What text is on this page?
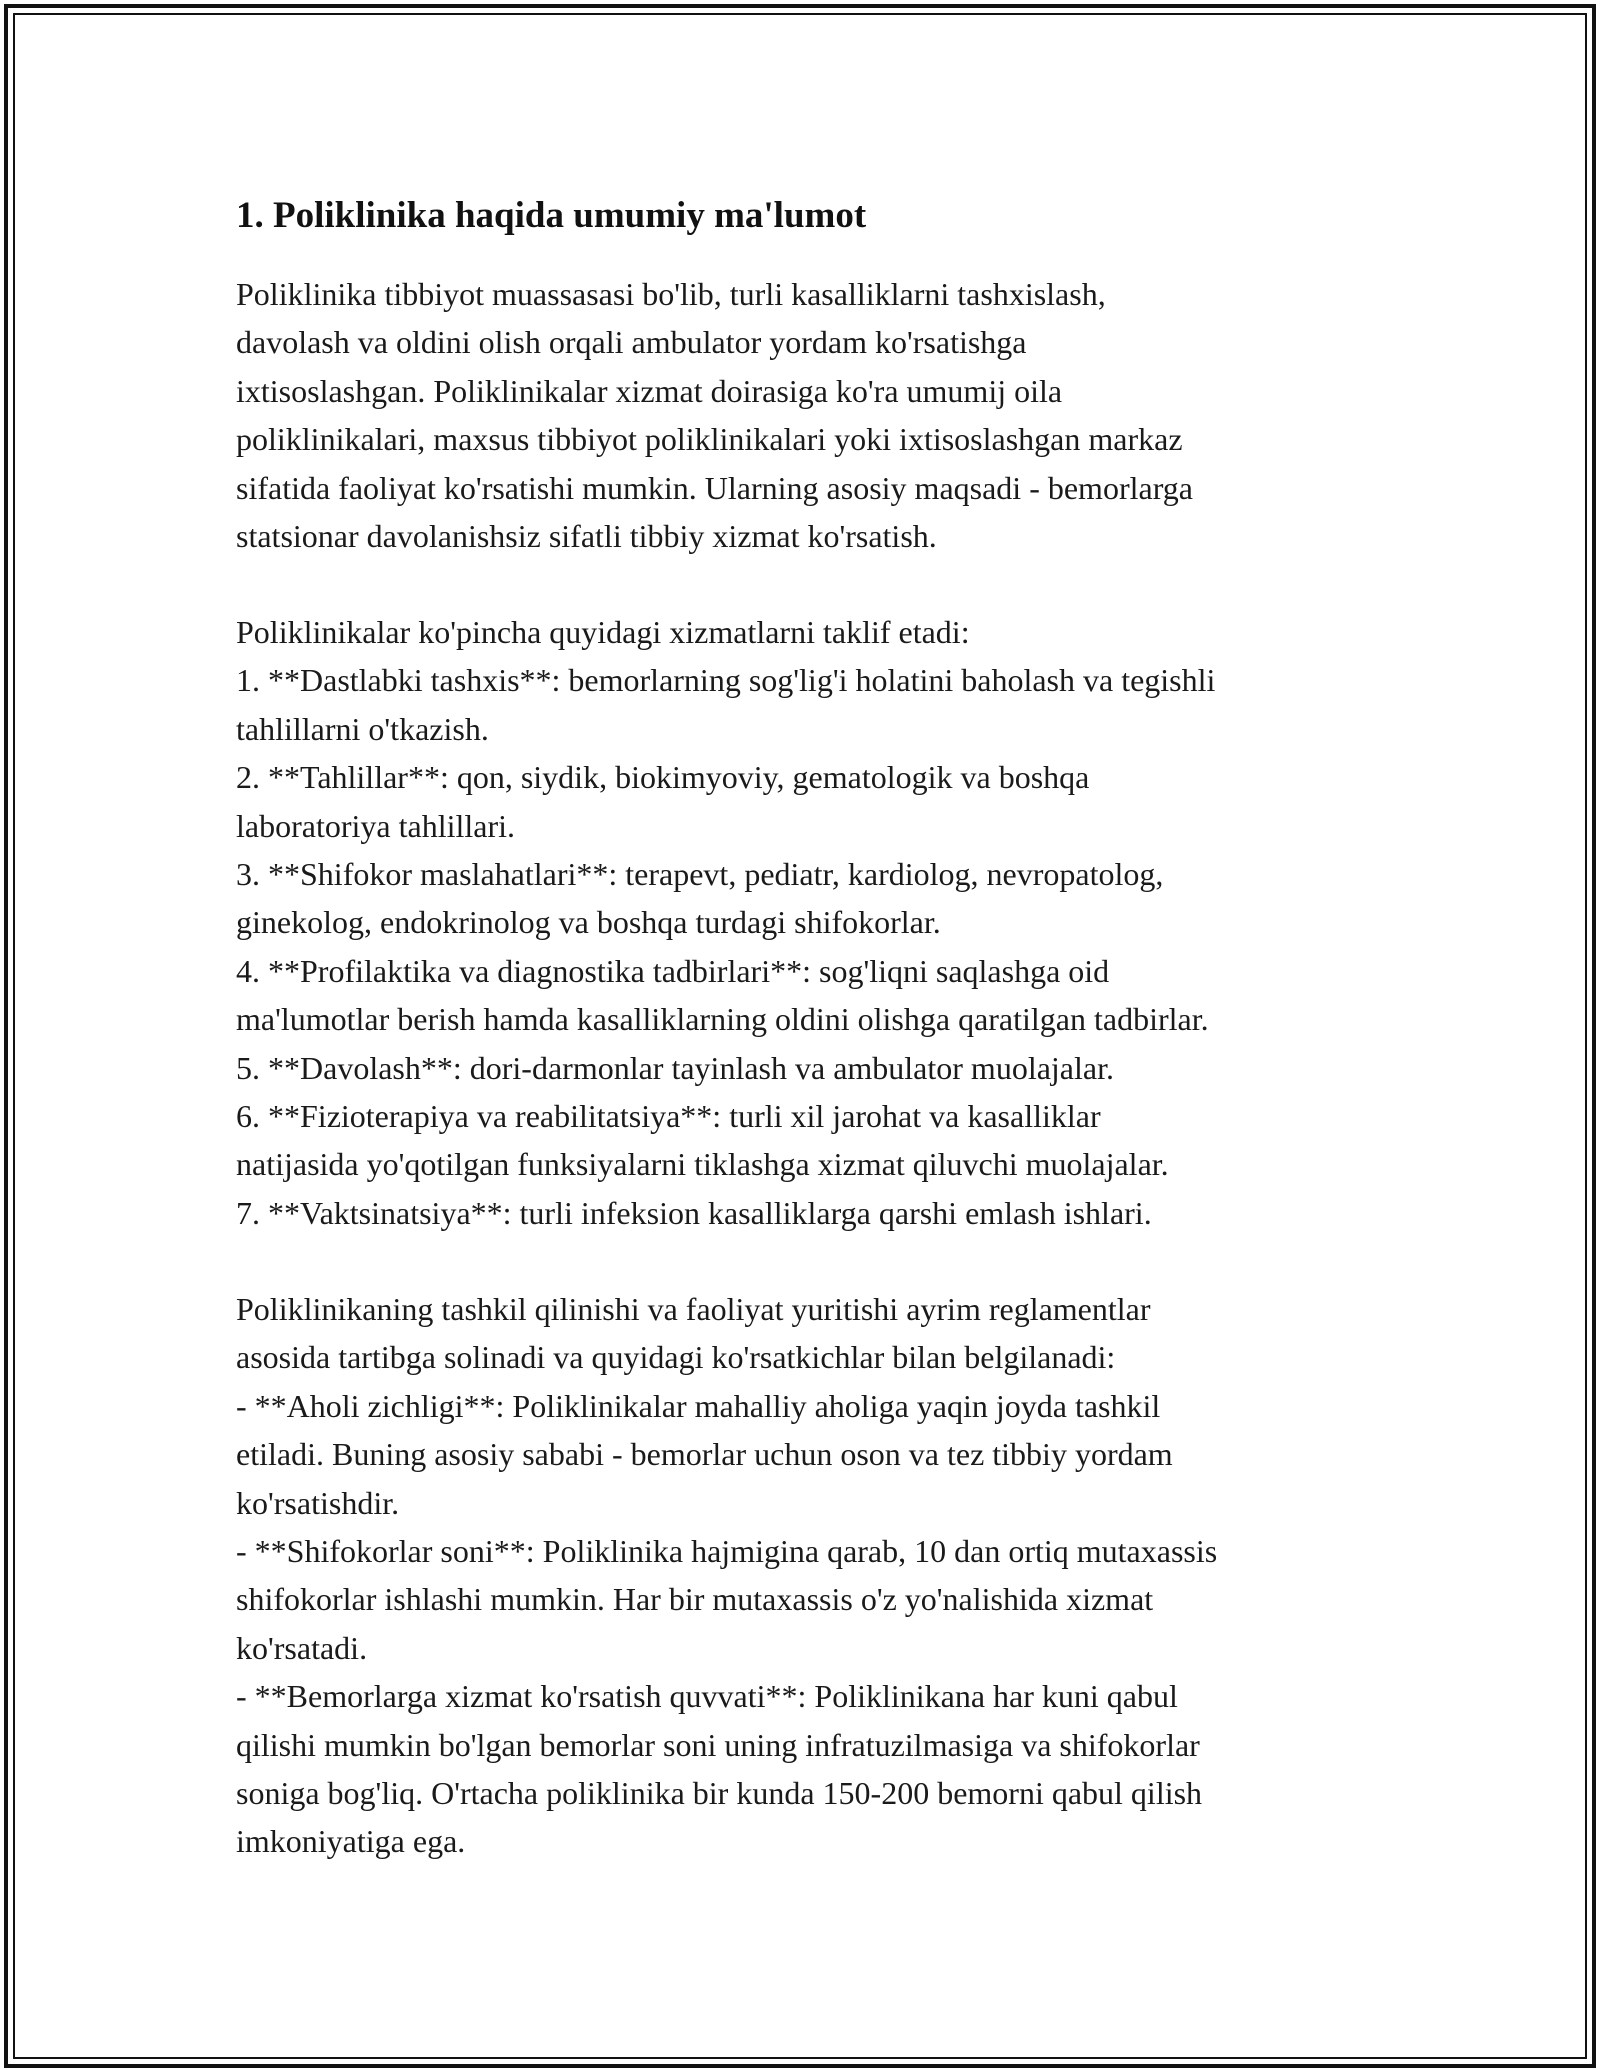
1. Poliklinika haqida umumiy ma'lumot

Poliklinika tibbiyot muassasasi bo'lib, turli kasalliklarni tashxislash,
davolash va oldini olish orqali ambulator yordam ko'rsatishga
ixtisoslashgan. Poliklinikalar xizmat doirasiga ko'ra umumij oila
poliklinikalari, maxsus tibbiyot poliklinikalari yoki ixtisoslashgan markaz
sifatida faoliyat ko'rsatishi mumkin. Ularning asosiy maqsadi - bemorlarga
statsionar davolanishsiz sifatli tibbiy xizmat ko'rsatish.

Poliklinikalar ko'pincha quyidagi xizmatlarni taklif etadi:
1. **Dastlabki tashxis**: bemorlarning sog'lig'i holatini baholash va tegishli
tahlillarni o'tkazish.
2. **Tahlillar**: qon, siydik, biokimyoviy, gematologik va boshqa
laboratoriya tahlillari.
3. **Shifokor maslahatlari**: terapevt, pediatr, kardiolog, nevropatolog,
ginekolog, endokrinolog va boshqa turdagi shifokorlar.
4. **Profilaktika va diagnostika tadbirlari**: sog'liqni saqlashga oid
ma'lumotlar berish hamda kasalliklarning oldini olishga qaratilgan tadbirlar.
5. **Davolash**: dori-darmonlar tayinlash va ambulator muolajalar.
6. **Fizioterapiya va reabilitatsiya**: turli xil jarohat va kasalliklar
natijasida yo'qotilgan funksiyalarni tiklashga xizmat qiluvchi muolajalar.
7. **Vaktsinatsiya**: turli infeksion kasalliklarga qarshi emlash ishlari.

Poliklinikaning tashkil qilinishi va faoliyat yuritishi ayrim reglamentlar
asosida tartibga solinadi va quyidagi ko'rsatkichlar bilan belgilanadi:
- **Aholi zichligi**: Poliklinikalar mahalliy aholiga yaqin joyda tashkil
etiladi. Buning asosiy sababi - bemorlar uchun oson va tez tibbiy yordam
ko'rsatishdir.
- **Shifokorlar soni**: Poliklinika hajmigina qarab, 10 dan ortiq mutaxassis
shifokorlar ishlashi mumkin. Har bir mutaxassis o'z yo'nalishida xizmat
ko'rsatadi.
- **Bemorlarga xizmat ko'rsatish quvvati**: Poliklinikana har kuni qabul
qilishi mumkin bo'lgan bemorlar soni uning infratuzilmasiga va shifokorlar
soniga bog'liq. O'rtacha poliklinika bir kunda 150-200 bemorni qabul qilish
imkoniyatiga ega.
